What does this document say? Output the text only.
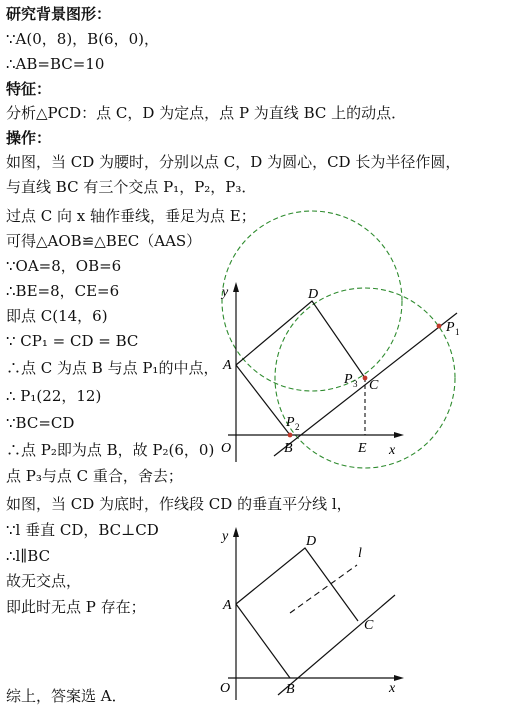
研究背景图形：
∵A(0，8)，B(6，0)，
∴AB=BC=10
特征：
分析△PCD：点 C，D 为定点，点 P 为直线 BC 上的动点．
操作：
如图，当 CD 为腰时，分别以点 C，D 为圆心，CD 长为半径作圆，
与直线 BC 有三个交点 P₁，P₂，P₃．
过点 C 向 x 轴作垂线，垂足为点 E；
可得△AOB≌△BEC（AAS）
∵OA=8，OB=6
∴BE=8，CE=6
即点 C(14，6)
∵ CP₁ = CD = BC
∴点 C 为点 B 与点 P₁的中点，
∴ P₁(22，12)
∵BC=CD
∴点 P₂即为点 B，故 P₂(6，0)
点 P₃与点 C 重合，舍去；
如图，当 CD 为底时，作线段 CD 的垂直平分线 l，
∵l 垂直 CD，BC⊥CD
∴l∥BC
故无交点，
即此时无点 P 存在；
综上，答案选 A．
y
x
O
A
B
C
D
E
P 1
P 2
P 3
y
x
O
A
B
C
D
l
